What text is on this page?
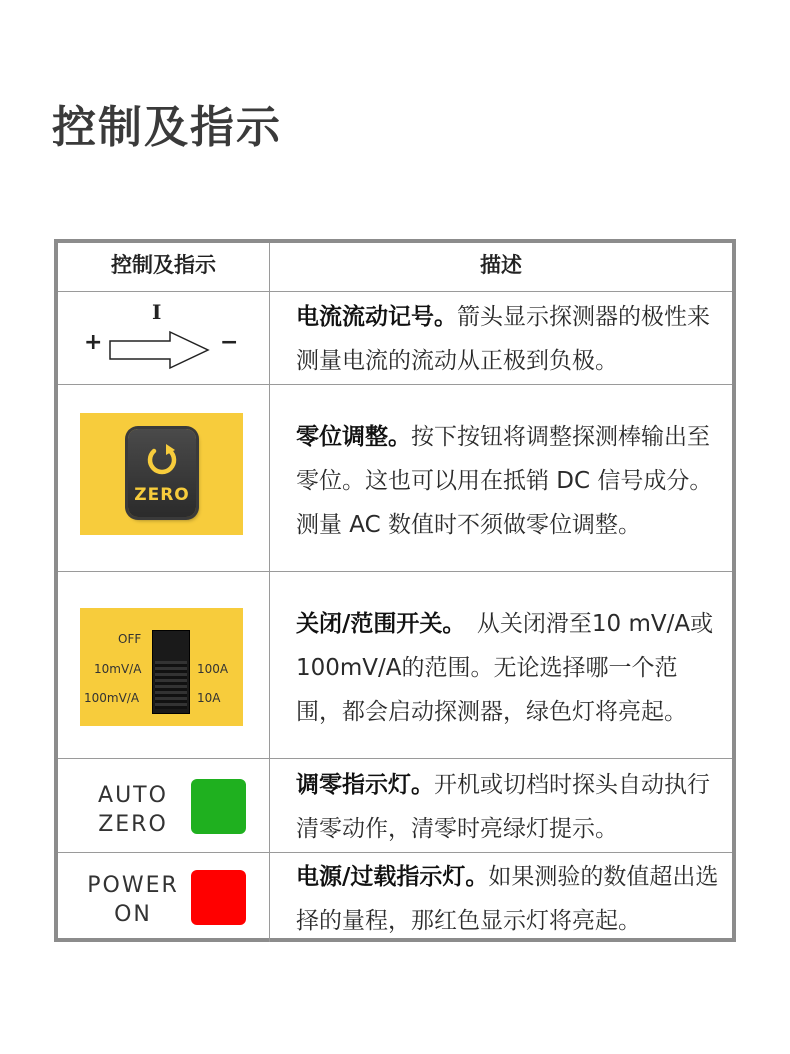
控制及指示
控制及指示	描述
I
+	−
电流流动记号。箭头显示探测器的极性来测量电流的流动从正极到负极。
ZERO
零位调整。按下按钮将调整探测棒输出至零位。这也可以用在抵销 DC 信号成分。测量 AC 数值时不须做零位调整。
OFF
10mV/A
100mV/A
100A
10A
关闭/范围开关。　从关闭滑至10 mV/A或100mV/A的范围。无论选择哪一个范围，都会启动探测器，绿色灯将亮起。
AUTO
ZERO
调零指示灯。开机或切档时探头自动执行清零动作，清零时亮绿灯提示。
POWER
ON
电源/过载指示灯。如果测验的数值超出选择的量程，那红色显示灯将亮起。
